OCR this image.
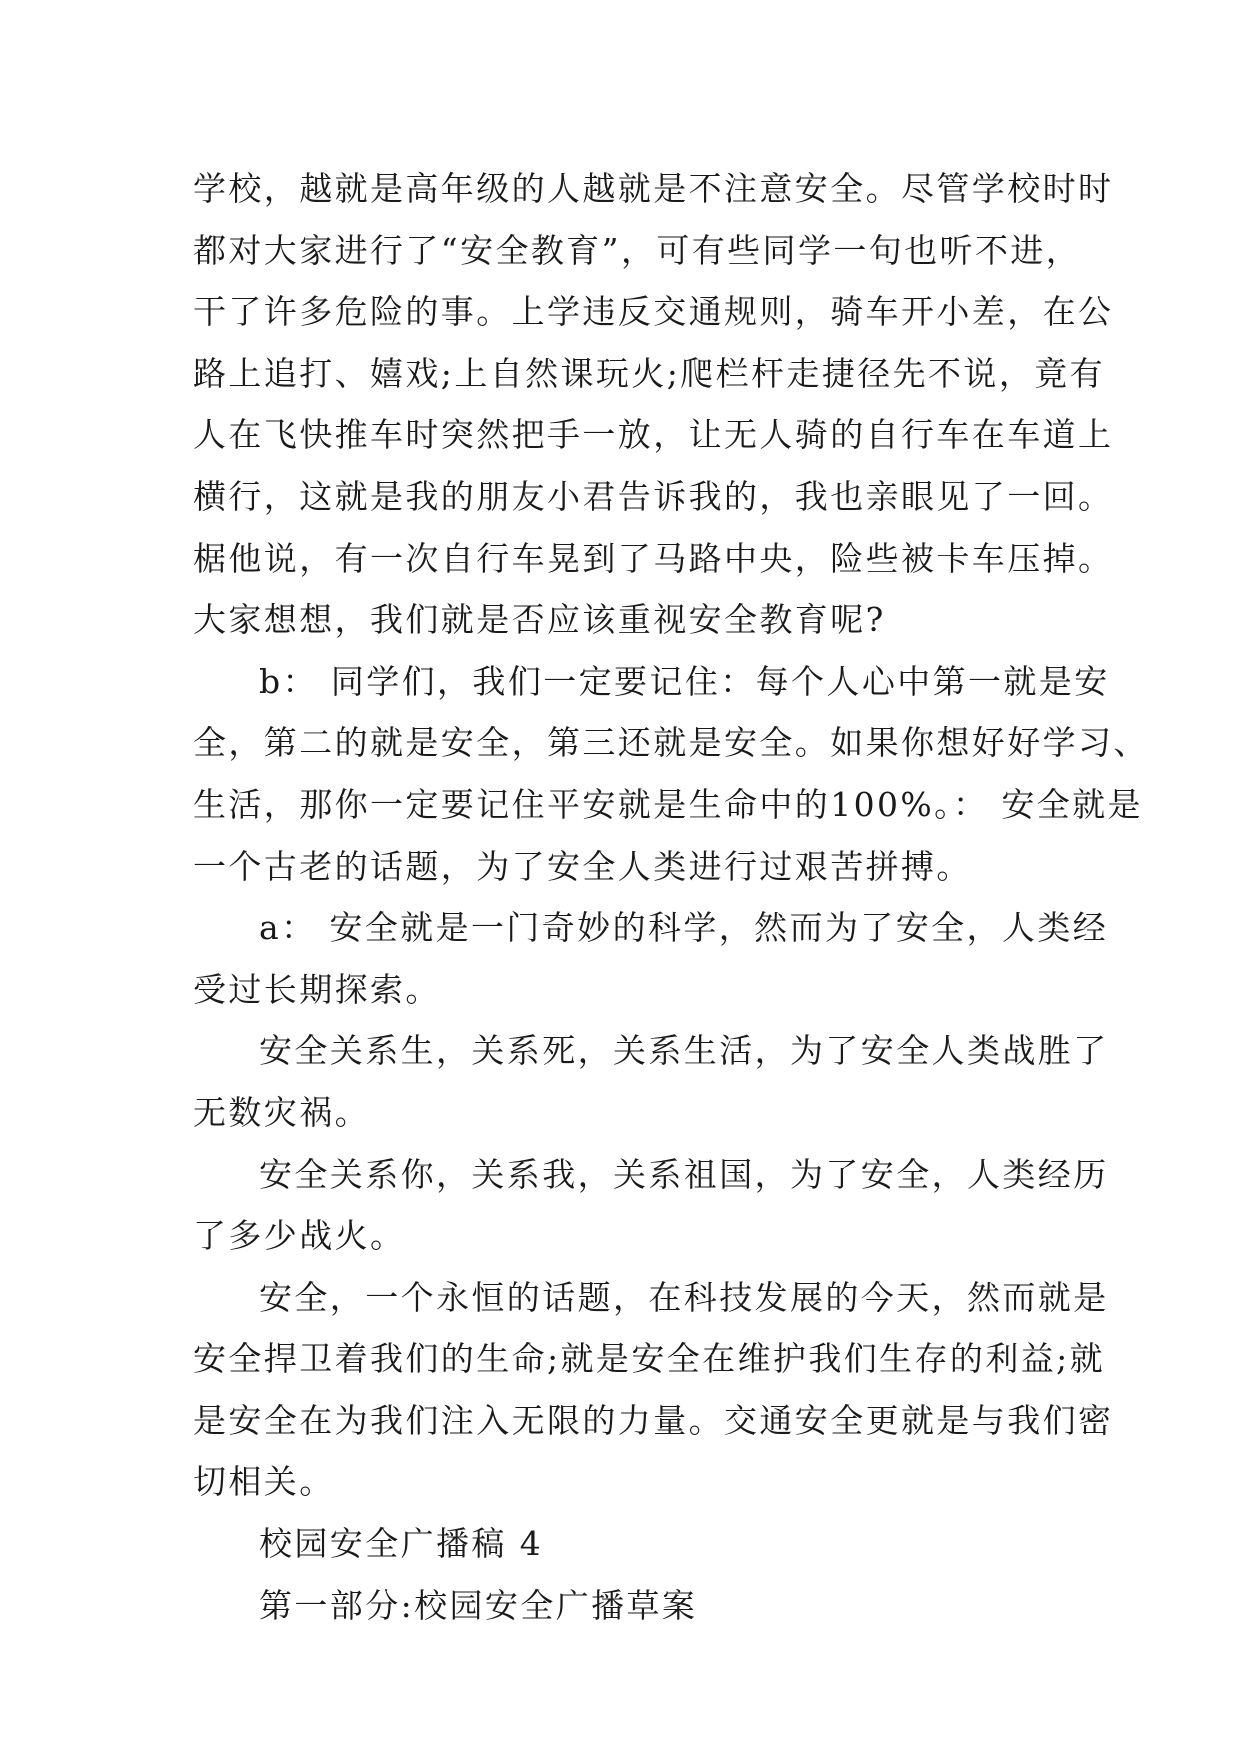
学校，越就是高年级的人越就是不注意安全。尽管学校时时
都对大家进行了“安全教育”，可有些同学一句也听不进，
干了许多危险的事。上学违反交通规则，骑车开小差，在公
路上追打、嬉戏;上自然课玩火;爬栏杆走捷径先不说，竟有
人在飞快推车时突然把手一放，让无人骑的自行车在车道上
横行，这就是我的朋友小君告诉我的，我也亲眼见了一回。
椐他说，有一次自行车晃到了马路中央，险些被卡车压掉。
大家想想，我们就是否应该重视安全教育呢?
b： 同学们，我们一定要记住：每个人心中第一就是安
全，第二的就是安全，第三还就是安全。如果你想好好学习、
生活，那你一定要记住平安就是生命中的100%。： 安全就是
一个古老的话题，为了安全人类进行过艰苦拼搏。
a： 安全就是一门奇妙的科学，然而为了安全，人类经
受过长期探索。
安全关系生，关系死，关系生活，为了安全人类战胜了
无数灾祸。
安全关系你，关系我，关系祖国，为了安全，人类经历
了多少战火。
安全，一个永恒的话题，在科技发展的今天，然而就是
安全捍卫着我们的生命;就是安全在维护我们生存的利益;就
是安全在为我们注入无限的力量。交通安全更就是与我们密
切相关。
校园安全广播稿 4
第一部分:校园安全广播草案
